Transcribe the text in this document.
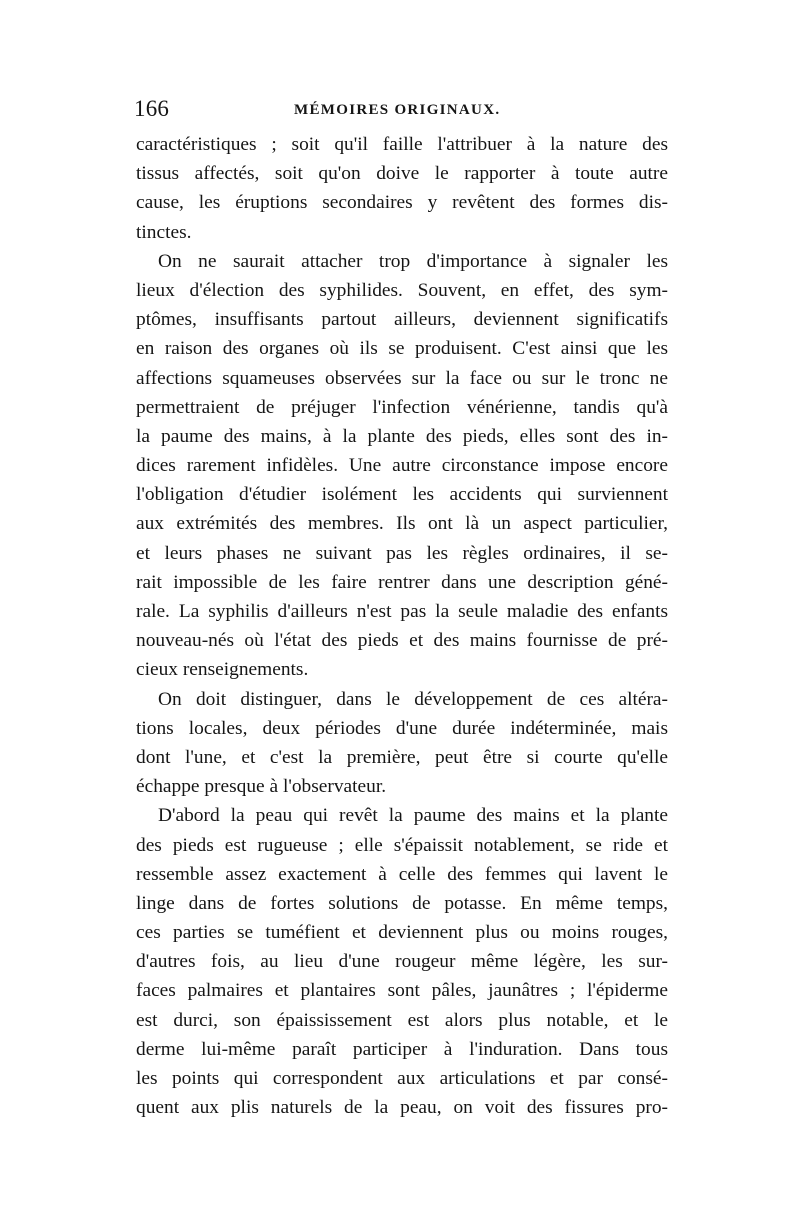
166	MÉMOIRES ORIGINAUX.
caractéristiques ; soit qu'il faille l'attribuer à la nature des
tissus affectés, soit qu'on doive le rapporter à toute autre
cause, les éruptions secondaires y revêtent des formes dis-
tinctes.
On ne saurait attacher trop d'importance à signaler les
lieux d'élection des syphilides. Souvent, en effet, des sym-
ptômes, insuffisants partout ailleurs, deviennent significatifs
en raison des organes où ils se produisent. C'est ainsi que les
affections squameuses observées sur la face ou sur le tronc ne
permettraient de préjuger l'infection vénérienne, tandis qu'à
la paume des mains, à la plante des pieds, elles sont des in-
dices rarement infidèles. Une autre circonstance impose encore
l'obligation d'étudier isolément les accidents qui surviennent
aux extrémités des membres. Ils ont là un aspect particulier,
et leurs phases ne suivant pas les règles ordinaires, il se-
rait impossible de les faire rentrer dans une description géné-
rale. La syphilis d'ailleurs n'est pas la seule maladie des enfants
nouveau-nés où l'état des pieds et des mains fournisse de pré-
cieux renseignements.
On doit distinguer, dans le développement de ces altéra-
tions locales, deux périodes d'une durée indéterminée, mais
dont l'une, et c'est la première, peut être si courte qu'elle
échappe presque à l'observateur.
D'abord la peau qui revêt la paume des mains et la plante
des pieds est rugueuse ; elle s'épaissit notablement, se ride et
ressemble assez exactement à celle des femmes qui lavent le
linge dans de fortes solutions de potasse. En même temps,
ces parties se tuméfient et deviennent plus ou moins rouges,
d'autres fois, au lieu d'une rougeur même légère, les sur-
faces palmaires et plantaires sont pâles, jaunâtres ; l'épiderme
est durci, son épaississement est alors plus notable, et le
derme lui-même paraît participer à l'induration. Dans tous
les points qui correspondent aux articulations et par consé-
quent aux plis naturels de la peau, on voit des fissures pro-
